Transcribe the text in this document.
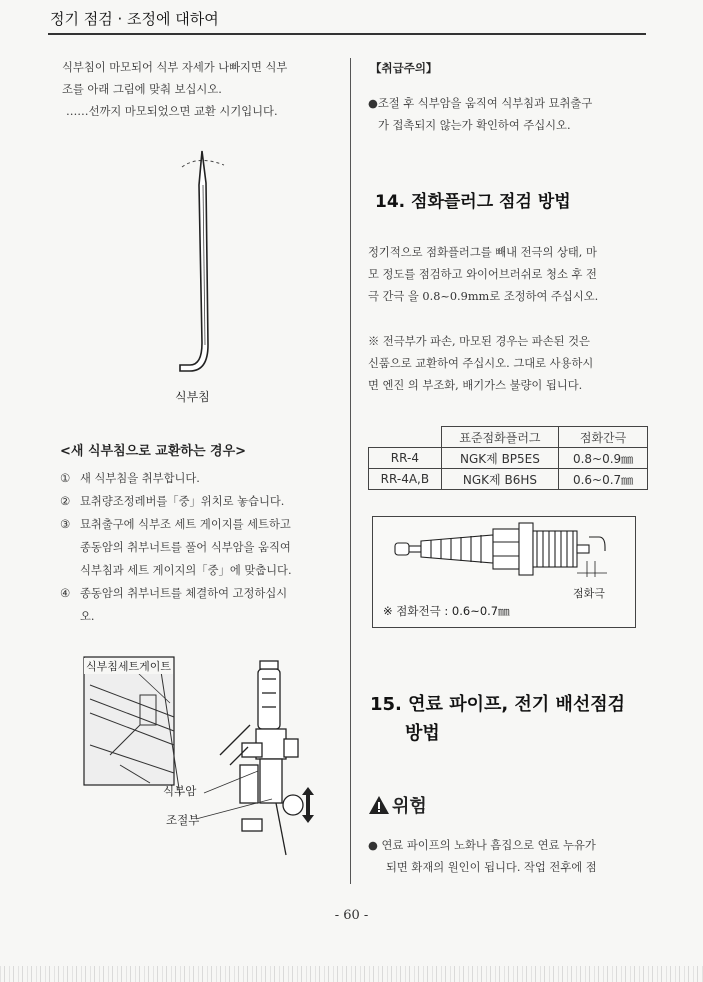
정기 점검 · 조정에 대하여
식부침이 마모되어 식부 자세가 나빠지면 식부
조를 아래 그림에 맞춰 보십시오.
……선까지 마모되었으면 교환 시기입니다.
식부침
<새 식부침으로 교환하는 경우>
① 새 식부침을 취부합니다.
② 묘취량조정레버를「중」위치로 놓습니다.
③ 묘취출구에 식부조 세트 게이지를 세트하고
종동암의 취부너트를 풀어 식부암을 움직여
식부침과 세트 게이지의「중」에 맞춥니다.
④ 종동암의 취부너트를 체결하여 고정하십시
오.
식부침세트게이트
식부암
조절부
【취급주의】
●조절 후 식부암을 움직여 식부침과 묘취출구
가 접촉되지 않는가 확인하여 주십시오.
14. 점화플러그 점검 방법
정기적으로 점화플러그를 빼내 전극의 상태, 마
모 정도를 점검하고 와이어브러쉬로 청소 후 전
극 간극 을 0.8~0.9mm로 조정하여 주십시오.
※ 전극부가 파손, 마모된 경우는 파손된 것은
신품으로 교환하여 주십시오. 그대로 사용하시
면 엔진 의 부조화, 배기가스 불량이 됩니다.
	표준점화플러그	점화간극
RR-4	NGK제 BP5ES	0.8~0.9㎜
RR-4A,B	NGK제 B6HS	0.6~0.7㎜
점화극
※ 점화전극 : 0.6~0.7㎜
15. 연료 파이프, 전기 배선점검
방법
위험
● 연료 파이프의 노화나 흠집으로 연료 누유가
되면 화재의 원인이 됩니다. 작업 전후에 점
- 60 -
